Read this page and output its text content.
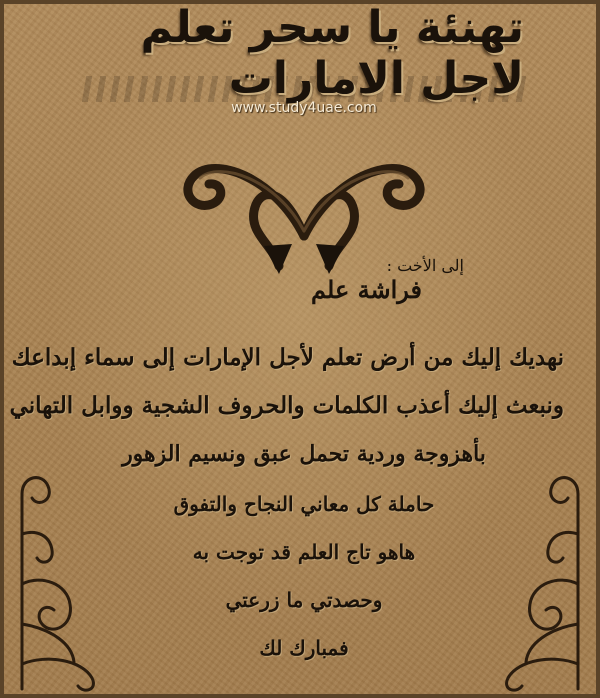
تهنئة يا سحر تعلم لاجل الامارات
www.study4uae.com
إلى الأخت :
فراشة علم
نهديك إليك من أرض تعلم لأجل الإمارات إلى سماء إبداعك
ونبعث إليك أعذب الكلمات والحروف الشجية ووابل التهاني
بأهزوجة وردية تحمل عبق ونسيم الزهور
حاملة كل معاني النجاح والتفوق
هاهو تاج العلم قد توجت به
وحصدتي ما زرعتي
فمبارك لك
